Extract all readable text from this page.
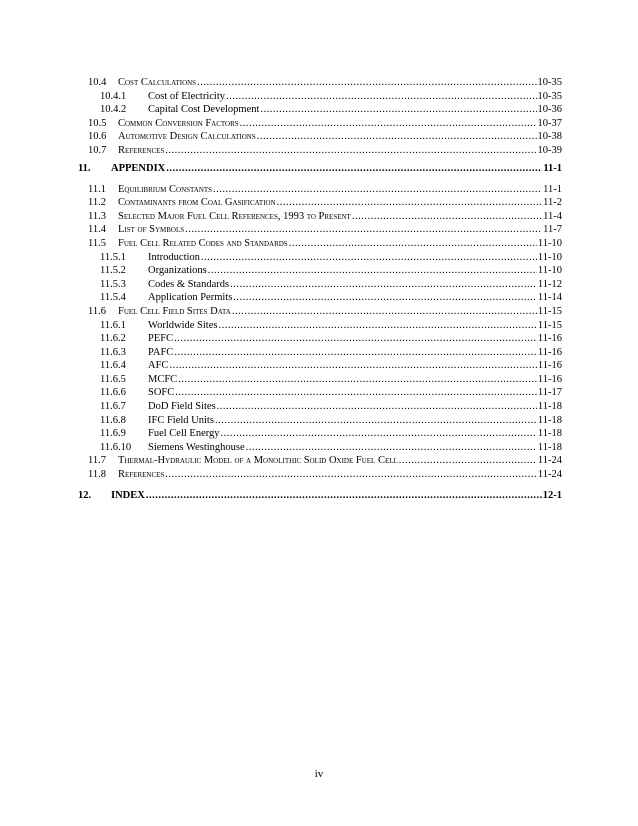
10.4	Cost Calculations .....	10-35
10.4.1	Cost of Electricity .....	10-35
10.4.2	Capital Cost Development .....	10-36
10.5	Common Conversion Factors .....	10-37
10.6	Automotive Design Calculations .....	10-38
10.7	References .....	10-39
11.	APPENDIX .....	11-1
11.1	Equilibrium Constants .....	11-1
11.2	Contaminants from Coal Gasification .....	11-2
11.3	Selected Major Fuel Cell References, 1993 to Present .....	11-4
11.4	List of Symbols .....	11-7
11.5	Fuel Cell Related Codes and Standards .....	11-10
11.5.1	Introduction .....	11-10
11.5.2	Organizations .....	11-10
11.5.3	Codes & Standards .....	11-12
11.5.4	Application Permits .....	11-14
11.6	Fuel Cell Field Sites Data .....	11-15
11.6.1	Worldwide Sites .....	11-15
11.6.2	PEFC .....	11-16
11.6.3	PAFC .....	11-16
11.6.4	AFC .....	11-16
11.6.5	MCFC .....	11-16
11.6.6	SOFC .....	11-17
11.6.7	DoD Field Sites .....	11-18
11.6.8	IFC Field Units .....	11-18
11.6.9	Fuel Cell Energy .....	11-18
11.6.10	Siemens Westinghouse .....	11-18
11.7	Thermal-Hydraulic Model of a Monolithic Solid Oxide Fuel Cell .....	11-24
11.8	References .....	11-24
12.	INDEX .....	12-1
iv
